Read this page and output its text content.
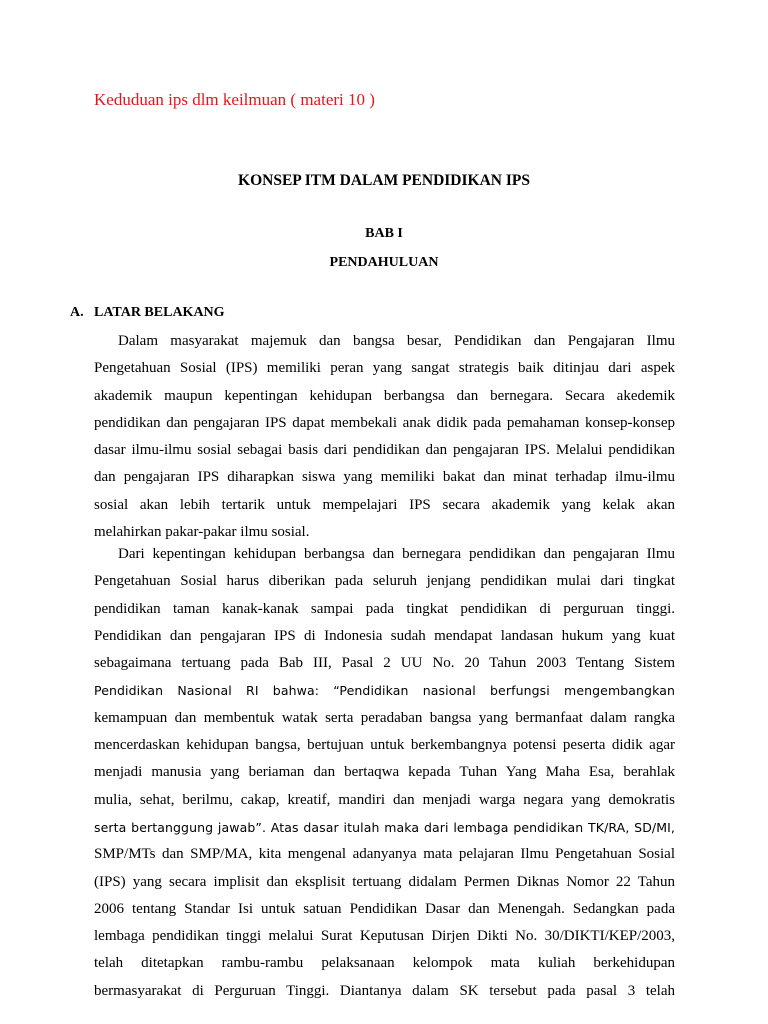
Keduduan ips dlm keilmuan ( materi 10 )
KONSEP ITM DALAM PENDIDIKAN IPS
BAB I
PENDAHULUAN
A. LATAR BELAKANG
Dalam masyarakat majemuk dan bangsa besar, Pendidikan dan Pengajaran Ilmu
Pengetahuan Sosial (IPS) memiliki peran yang sangat strategis baik ditinjau dari aspek
akademik maupun kepentingan kehidupan berbangsa dan bernegara. Secara akedemik
pendidikan dan pengajaran IPS dapat membekali anak didik pada pemahaman konsep-konsep
dasar ilmu-ilmu sosial sebagai basis dari pendidikan dan pengajaran IPS. Melalui pendidikan
dan pengajaran IPS diharapkan siswa yang memiliki bakat dan minat terhadap ilmu-ilmu
sosial akan lebih tertarik untuk mempelajari IPS secara akademik yang kelak akan
melahirkan pakar-pakar ilmu sosial.
Dari kepentingan kehidupan berbangsa dan bernegara pendidikan dan pengajaran Ilmu
Pengetahuan Sosial harus diberikan pada seluruh jenjang pendidikan mulai dari tingkat
pendidikan taman kanak-kanak sampai pada tingkat pendidikan di perguruan tinggi.
Pendidikan dan pengajaran IPS di Indonesia sudah mendapat landasan hukum yang kuat
sebagaimana tertuang pada Bab III, Pasal 2 UU No. 20 Tahun 2003 Tentang Sistem
Pendidikan Nasional RI bahwa: “Pendidikan nasional berfungsi mengembangkan
kemampuan dan membentuk watak serta peradaban bangsa yang bermanfaat dalam rangka
mencerdaskan kehidupan bangsa, bertujuan untuk berkembangnya potensi peserta didik agar
menjadi manusia yang beriaman dan bertaqwa kepada Tuhan Yang Maha Esa, berahlak
mulia, sehat, berilmu, cakap, kreatif, mandiri dan menjadi warga negara yang demokratis
serta bertanggung jawab”. Atas dasar itulah maka dari lembaga pendidikan TK/RA, SD/MI,
SMP/MTs dan SMP/MA, kita mengenal adanyanya mata pelajaran Ilmu Pengetahuan Sosial
(IPS) yang secara implisit dan eksplisit tertuang didalam Permen Diknas Nomor 22 Tahun
2006 tentang Standar Isi untuk satuan Pendidikan Dasar dan Menengah. Sedangkan pada
lembaga pendidikan tinggi melalui Surat Keputusan Dirjen Dikti No. 30/DIKTI/KEP/2003,
telah ditetapkan rambu-rambu pelaksanaan kelompok mata kuliah berkehidupan
bermasyarakat di Perguruan Tinggi. Diantanya dalam SK tersebut pada pasal 3 telah
